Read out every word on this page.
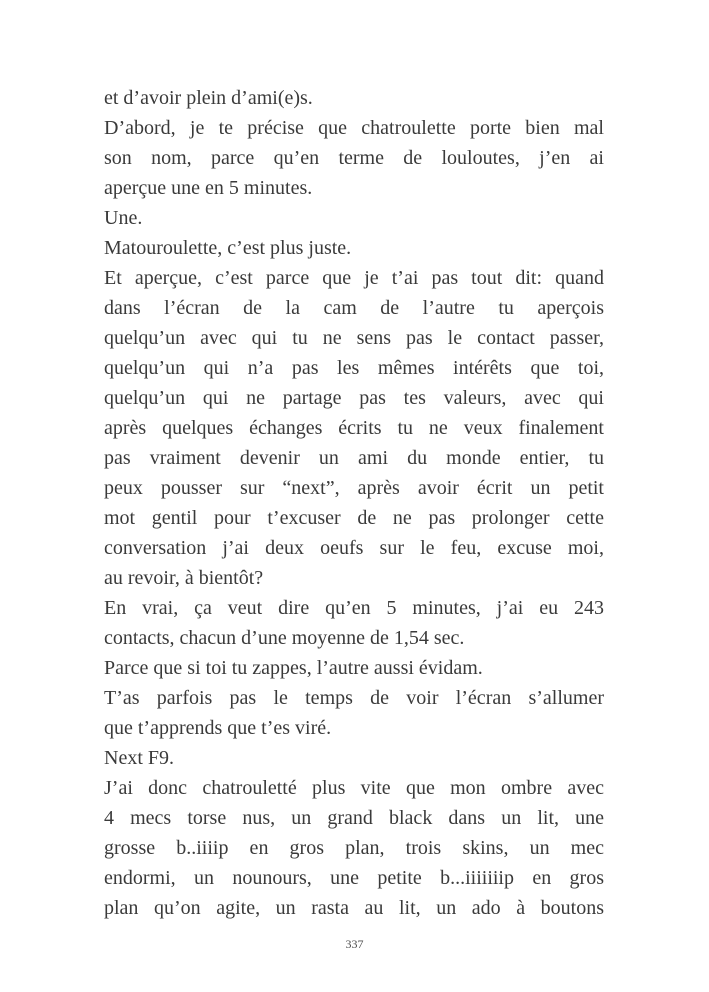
et d’avoir plein d’ami(e)s.
D’abord, je te précise que chatroulette porte bien mal
son nom, parce qu’en terme de louloutes, j’en ai
aperçue une en 5 minutes.
Une.
Matouroulette, c’est plus juste.
Et aperçue, c’est parce que je t’ai pas tout dit: quand
dans l’écran de la cam de l’autre tu aperçois
quelqu’un avec qui tu ne sens pas le contact passer,
quelqu’un qui n’a pas les mêmes intérêts que toi,
quelqu’un qui ne partage pas tes valeurs, avec qui
après quelques échanges écrits tu ne veux finalement
pas vraiment devenir un ami du monde entier, tu
peux pousser sur “next”, après avoir écrit un petit
mot gentil pour t’excuser de ne pas prolonger cette
conversation j’ai deux oeufs sur le feu, excuse moi,
au revoir, à bientôt?
En vrai, ça veut dire qu’en 5 minutes, j’ai eu 243
contacts, chacun d’une moyenne de 1,54 sec.
Parce que si toi tu zappes, l’autre aussi évidam.
T’as parfois pas le temps de voir l’écran s’allumer
que t’apprends que t’es viré.
Next F9.
J’ai donc chatrouletté plus vite que mon ombre avec
4 mecs torse nus, un grand black dans un lit, une
grosse b..iiiip en gros plan, trois skins, un mec
endormi, un nounours, une petite b...iiiiiiip en gros
plan qu’on agite, un rasta au lit, un ado à boutons
337
